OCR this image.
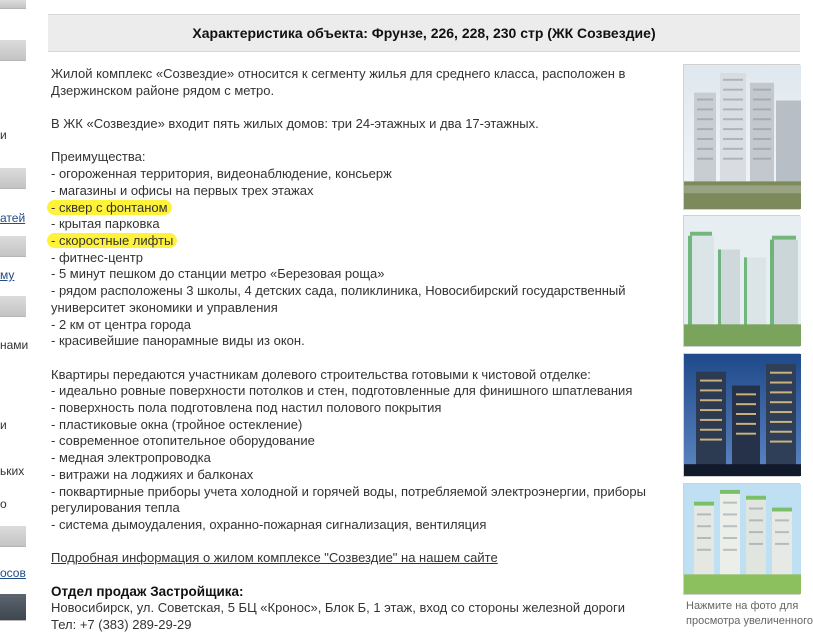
и
атей
му
нами
и
ьких
о
осов
Характеристика объекта: Фрунзе, 226, 228, 230 стр (ЖК Созвездие)

Жилой комплекс «Созвездие» относится к сегменту жилья для среднего класса, расположен в Дзержинском районе рядом с метро.

В ЖК «Созвездие» входит пять жилых домов: три 24-этажных и два 17-этажных.

Преимущества:

- огороженная территория, видеонаблюдение, консьерж

- магазины и офисы на первых трех этажах

- сквер с фонтаном

- крытая парковка

- скоростные лифты

- фитнес-центр

- 5 минут пешком до станции метро «Березовая роща»

- рядом расположены 3 школы, 4 детских сада, поликлиника, Новосибирский государственный университет экономики и управления

- 2 км от центра города

- красивейшие панорамные виды из окон.

Квартиры передаются участникам долевого строительства готовыми к чистовой отделке:

- идеально ровные поверхности потолков и стен, подготовленные для финишного шпатлевания

- поверхность пола подготовлена под настил полового покрытия

- пластиковые окна (тройное остекление)

- современное отопительное оборудование

- медная электропроводка

- витражи на лоджиях и балконах

- поквартирные приборы учета холодной и горячей воды, потребляемой электроэнергии, приборы регулирования тепла

- система дымоудаления, охранно-пожарная сигнализация, вентиляция

Подробная информация о жилом комплексе "Созвездие" на нашем сайте

Отдел продаж Застройщика:

Новосибирск, ул. Советская, 5 БЦ «Кронос», Блок Б, 1 этаж, вход со стороны железной дороги

Тел: +7 (383) 289-29-29

Нажмите на фото для
просмотра увеличенного
